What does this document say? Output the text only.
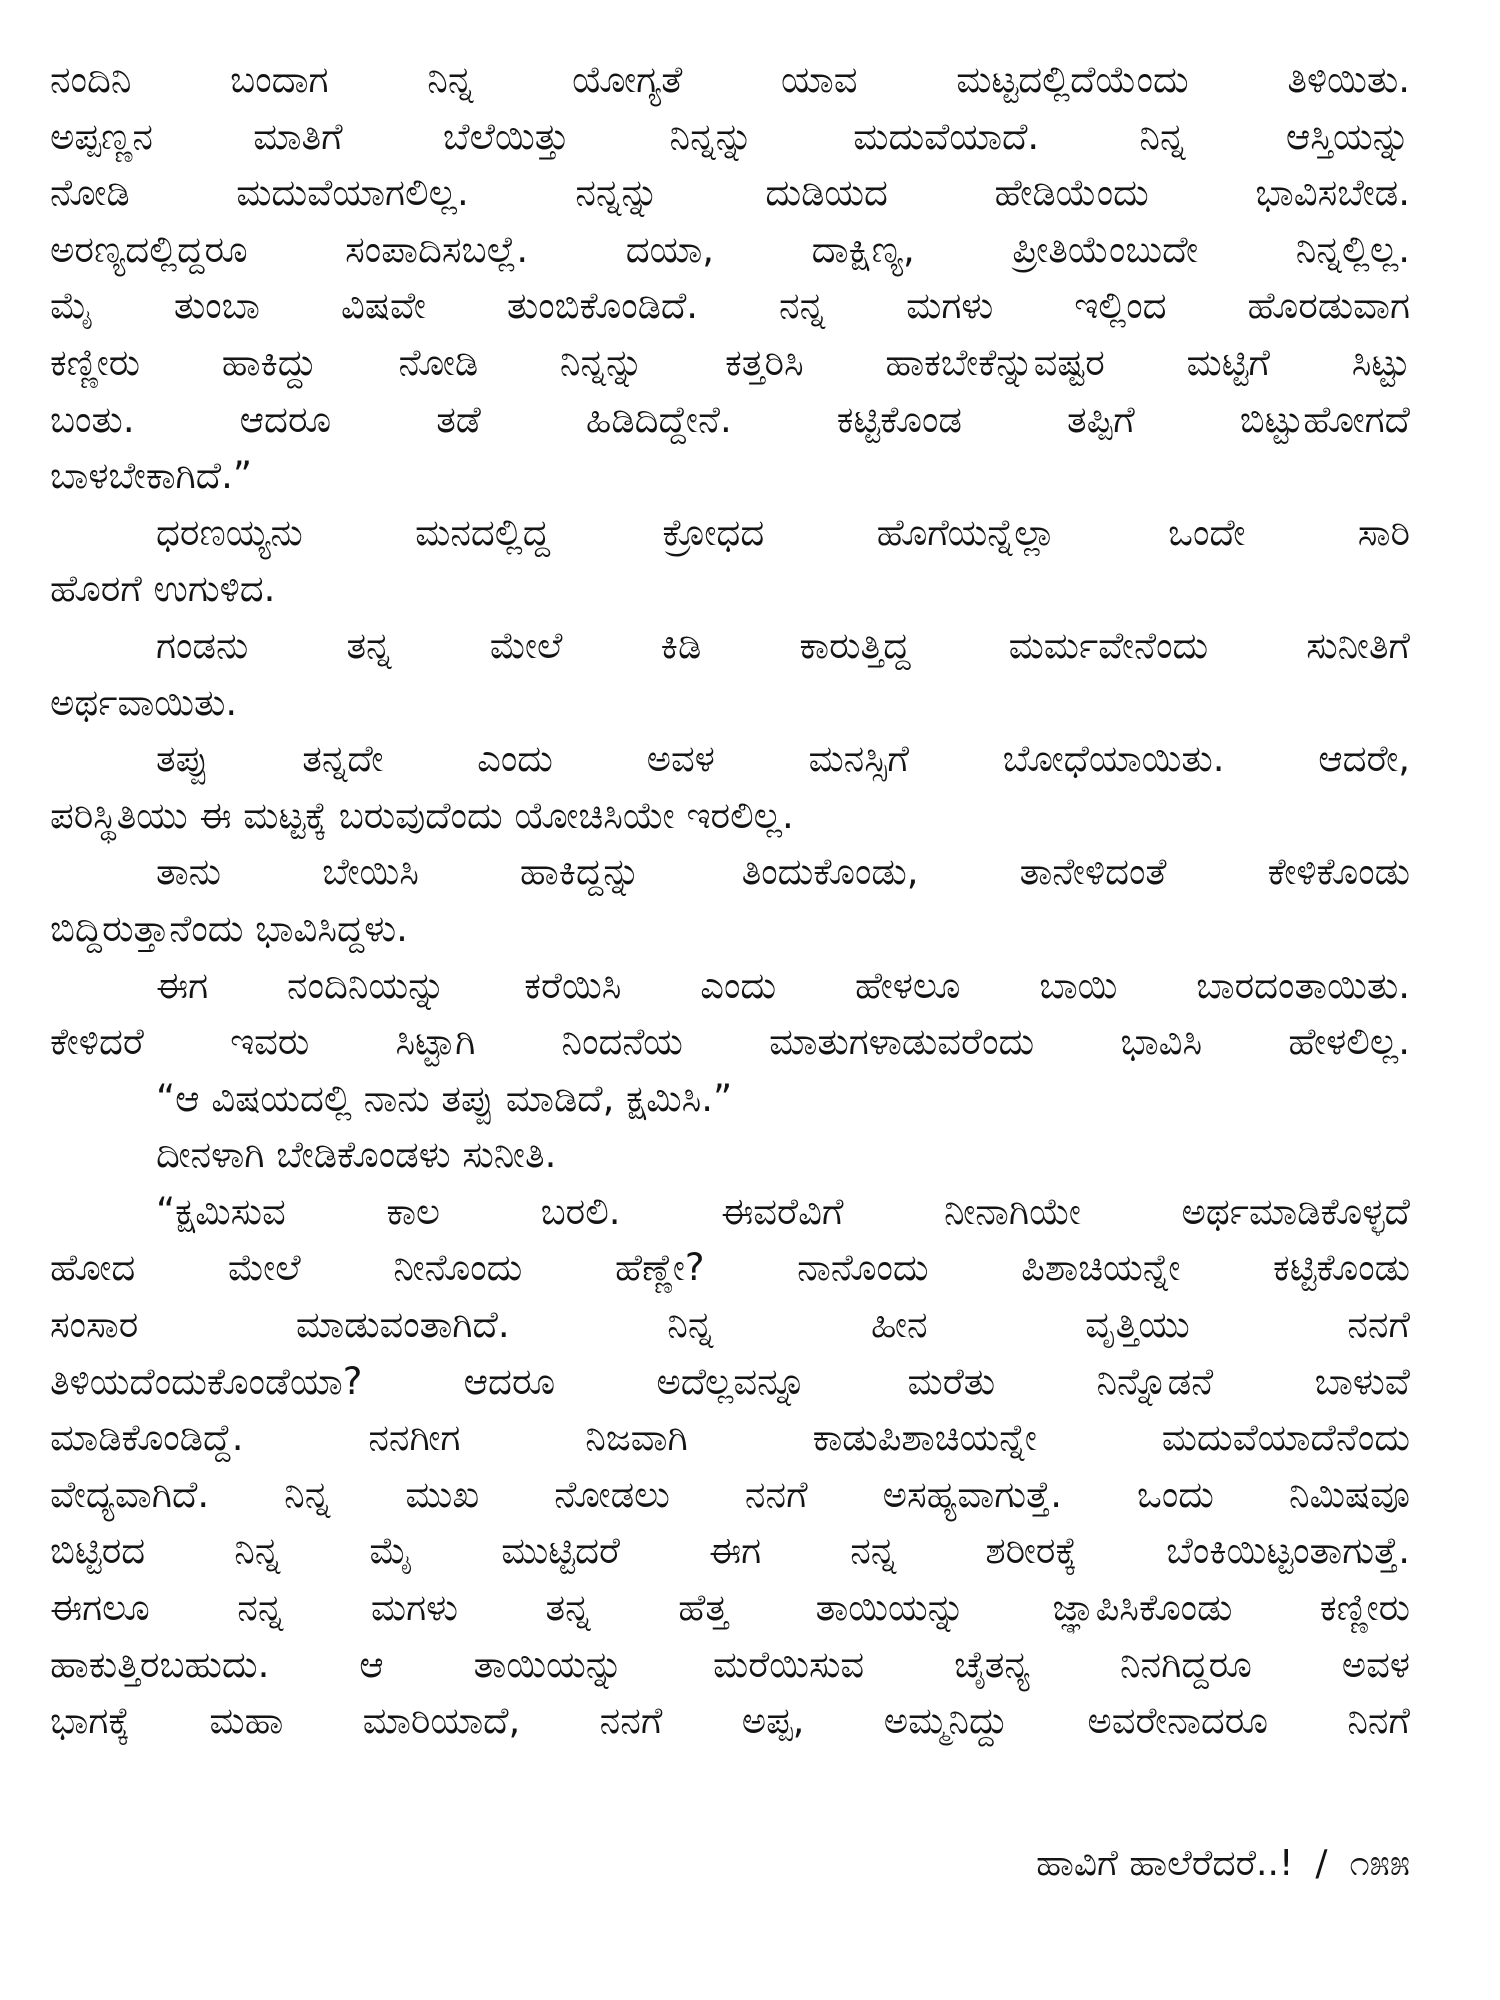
ನಂದಿನಿ ಬಂದಾಗ ನಿನ್ನ ಯೋಗ್ಯತೆ ಯಾವ ಮಟ್ಟದಲ್ಲಿದೆಯೆಂದು ತಿಳಿಯಿತು.
ಅಪ್ಪಣ್ಣನ ಮಾತಿಗೆ ಬೆಲೆಯಿತ್ತು ನಿನ್ನನ್ನು ಮದುವೆಯಾದೆ. ನಿನ್ನ ಆಸ್ತಿಯನ್ನು
ನೋಡಿ ಮದುವೆಯಾಗಲಿಲ್ಲ. ನನ್ನನ್ನು ದುಡಿಯದ ಹೇಡಿಯೆಂದು ಭಾವಿಸಬೇಡ.
ಅರಣ್ಯದಲ್ಲಿದ್ದರೂ ಸಂಪಾದಿಸಬಲ್ಲೆ. ದಯಾ, ದಾಕ್ಷಿಣ್ಯ, ಪ್ರೀತಿಯೆಂಬುದೇ ನಿನ್ನಲ್ಲಿಲ್ಲ.
ಮೈ ತುಂಬಾ ವಿಷವೇ ತುಂಬಿಕೊಂಡಿದೆ. ನನ್ನ ಮಗಳು ಇಲ್ಲಿಂದ ಹೊರಡುವಾಗ
ಕಣ್ಣೀರು ಹಾಕಿದ್ದು ನೋಡಿ ನಿನ್ನನ್ನು ಕತ್ತರಿಸಿ ಹಾಕಬೇಕೆನ್ನುವಷ್ಟರ ಮಟ್ಟಿಗೆ ಸಿಟ್ಟು
ಬಂತು. ಆದರೂ ತಡೆ ಹಿಡಿದಿದ್ದೇನೆ. ಕಟ್ಟಿಕೊಂಡ ತಪ್ಪಿಗೆ ಬಿಟ್ಟುಹೋಗದೆ
ಬಾಳಬೇಕಾಗಿದೆ.”
ಧರಣಯ್ಯನು ಮನದಲ್ಲಿದ್ದ ಕ್ರೋಧದ ಹೊಗೆಯನ್ನೆಲ್ಲಾ ಒಂದೇ ಸಾರಿ
ಹೊರಗೆ ಉಗುಳಿದ.
ಗಂಡನು ತನ್ನ ಮೇಲೆ ಕಿಡಿ ಕಾರುತ್ತಿದ್ದ ಮರ್ಮವೇನೆಂದು ಸುನೀತಿಗೆ
ಅರ್ಥವಾಯಿತು.
ತಪ್ಪು ತನ್ನದೇ ಎಂದು ಅವಳ ಮನಸ್ಸಿಗೆ ಬೋಧೆಯಾಯಿತು. ಆದರೇ,
ಪರಿಸ್ಥಿತಿಯು ಈ ಮಟ್ಟಕ್ಕೆ ಬರುವುದೆಂದು ಯೋಚಿಸಿಯೇ ಇರಲಿಲ್ಲ.
ತಾನು ಬೇಯಿಸಿ ಹಾಕಿದ್ದನ್ನು ತಿಂದುಕೊಂಡು, ತಾನೇಳಿದಂತೆ ಕೇಳಿಕೊಂಡು
ಬಿದ್ದಿರುತ್ತಾನೆಂದು ಭಾವಿಸಿದ್ದಳು.
ಈಗ ನಂದಿನಿಯನ್ನು ಕರೆಯಿಸಿ ಎಂದು ಹೇಳಲೂ ಬಾಯಿ ಬಾರದಂತಾಯಿತು.
ಕೇಳಿದರೆ ಇವರು ಸಿಟ್ಟಾಗಿ ನಿಂದನೆಯ ಮಾತುಗಳಾಡುವರೆಂದು ಭಾವಿಸಿ ಹೇಳಲಿಲ್ಲ.
“ಆ ವಿಷಯದಲ್ಲಿ ನಾನು ತಪ್ಪು ಮಾಡಿದೆ, ಕ್ಷಮಿಸಿ.”
ದೀನಳಾಗಿ ಬೇಡಿಕೊಂಡಳು ಸುನೀತಿ.
“ಕ್ಷಮಿಸುವ ಕಾಲ ಬರಲಿ. ಈವರೆವಿಗೆ ನೀನಾಗಿಯೇ ಅರ್ಥಮಾಡಿಕೊಳ್ಳದೆ
ಹೋದ ಮೇಲೆ ನೀನೊಂದು ಹೆಣ್ಣೇ? ನಾನೊಂದು ಪಿಶಾಚಿಯನ್ನೇ ಕಟ್ಟಿಕೊಂಡು
ಸಂಸಾರ ಮಾಡುವಂತಾಗಿದೆ. ನಿನ್ನ ಹೀನ ವೃತ್ತಿಯು ನನಗೆ
ತಿಳಿಯದೆಂದುಕೊಂಡೆಯಾ? ಆದರೂ ಅದೆಲ್ಲವನ್ನೂ ಮರೆತು ನಿನ್ನೊಡನೆ ಬಾಳುವೆ
ಮಾಡಿಕೊಂಡಿದ್ದೆ. ನನಗೀಗ ನಿಜವಾಗಿ ಕಾಡುಪಿಶಾಚಿಯನ್ನೇ ಮದುವೆಯಾದೆನೆಂದು
ವೇದ್ಯವಾಗಿದೆ. ನಿನ್ನ ಮುಖ ನೋಡಲು ನನಗೆ ಅಸಹ್ಯವಾಗುತ್ತೆ. ಒಂದು ನಿಮಿಷವೂ
ಬಿಟ್ಟಿರದ ನಿನ್ನ ಮೈ ಮುಟ್ಟಿದರೆ ಈಗ ನನ್ನ ಶರೀರಕ್ಕೆ ಬೆಂಕಿಯಿಟ್ಟಂತಾಗುತ್ತೆ.
ಈಗಲೂ ನನ್ನ ಮಗಳು ತನ್ನ ಹೆತ್ತ ತಾಯಿಯನ್ನು ಜ್ಞಾಪಿಸಿಕೊಂಡು ಕಣ್ಣೀರು
ಹಾಕುತ್ತಿರಬಹುದು. ಆ ತಾಯಿಯನ್ನು ಮರೆಯಿಸುವ ಚೈತನ್ಯ ನಿನಗಿದ್ದರೂ ಅವಳ
ಭಾಗಕ್ಕೆ ಮಹಾ ಮಾರಿಯಾದೆ, ನನಗೆ ಅಪ್ಪ, ಅಮ್ಮನಿದ್ದು ಅವರೇನಾದರೂ ನಿನಗೆ
ಹಾವಿಗೆ ಹಾಲೆರೆದರೆ..! / ೧೫೫
